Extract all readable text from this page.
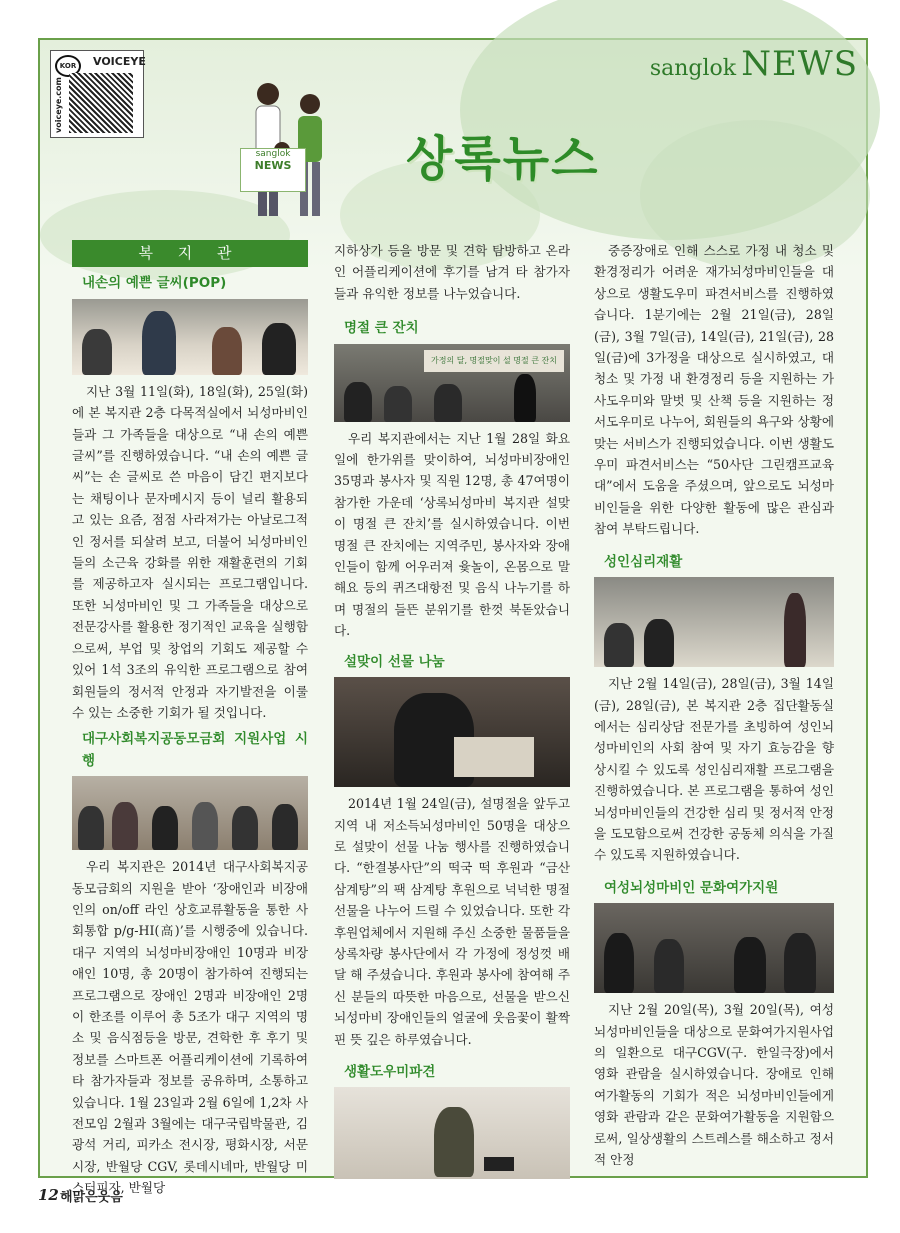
sanglok NEWS
KOR	VOICEYE
voiceye.com
sanglok
NEWS 상록뉴스
복 지 관
내손의 예쁜 글씨(POP)

지난 3월 11일(화), 18일(화), 25일(화)에 본 복지관 2층 다목적실에서 뇌성마비인들과 그 가족들을 대상으로 “내 손의 예쁜 글씨”를 진행하였습니다. “내 손의 예쁜 글씨”는 손 글씨로 쓴 마음이 담긴 편지보다는 채팅이나 문자메시지 등이 널리 활용되고 있는 요즘, 점점 사라져가는 아날로그적인 정서를 되살려 보고, 더불어 뇌성마비인들의 소근육 강화를 위한 재활훈련의 기회를 제공하고자 실시되는 프로그램입니다. 또한 뇌성마비인 및 그 가족들을 대상으로 전문강사를 활용한 정기적인 교육을 실행함으로써, 부업 및 창업의 기회도 제공할 수 있어 1석 3조의 유익한 프로그램으로 참여회원들의 정서적 안정과 자기발전을 이룰 수 있는 소중한 기회가 될 것입니다.

대구사회복지공동모금회 지원사업 시행

우리 복지관은 2014년 대구사회복지공동모금회의 지원을 받아 ‘장애인과 비장애인의 on/off 라인 상호교류활동을 통한 사회통합 p/g-HI(高)’를 시행중에 있습니다. 대구 지역의 뇌성마비장애인 10명과 비장애인 10명, 총 20명이 참가하여 진행되는 프로그램으로 장애인 2명과 비장애인 2명이 한조를 이루어 총 5조가 대구 지역의 명소 및 음식점등을 방문, 견학한 후 후기 및 정보를 스마트폰 어플리케이션에 기록하여 타 참가자들과 정보를 공유하며, 소통하고 있습니다. 1월 23일과 2월 6일에 1,2차 사전모임 2월과 3월에는 대구국립박물관, 김광석 거리, 피카소 전시장, 평화시장, 서문시장, 반월당 CGV, 롯데시네마, 반월당 미스터피자, 반월당

지하상가 등을 방문 및 견학 탐방하고 온라인 어플리케이션에 후기를 남겨 타 참가자들과 유익한 정보를 나누었습니다.

명절 큰 잔치
가정의 달, 명절맞이 설 명절 큰 잔치

우리 복지관에서는 지난 1월 28일 화요일에 한가위를 맞이하여, 뇌성마비장애인 35명과 봉사자 및 직원 12명, 총 47여명이 참가한 가운데 ‘상록뇌성마비 복지관 설맞이 명절 큰 잔치’를 실시하였습니다. 이번 명절 큰 잔치에는 지역주민, 봉사자와 장애인들이 함께 어우러져 윷놀이, 온몸으로 말해요 등의 퀴즈대항전 및 음식 나누기를 하며 명절의 들뜬 분위기를 한껏 북돋았습니다.

설맞이 선물 나눔

2014년 1월 24일(금), 설명절을 앞두고 지역 내 저소득뇌성마비인 50명을 대상으로 설맞이 선물 나눔 행사를 진행하였습니다. “한결봉사단”의 떡국 떡 후원과 “금산삼계탕”의 팩 삼계탕 후원으로 넉넉한 명절선물을 나누어 드릴 수 있었습니다. 또한 각 후원업체에서 지원해 주신 소중한 물품들을 상록차량 봉사단에서 각 가정에 정성껏 배달 해 주셨습니다. 후원과 봉사에 참여해 주신 분들의 따뜻한 마음으로, 선물을 받으신 뇌성마비 장애인들의 얼굴에 웃음꽃이 활짝 핀 뜻 깊은 하루였습니다.

생활도우미파견

중증장애로 인해 스스로 가정 내 청소 및 환경정리가 어려운 재가뇌성마비인들을 대상으로 생활도우미 파견서비스를 진행하였습니다. 1분기에는 2월 21일(금), 28일(금), 3월 7일(금), 14일(금), 21일(금), 28일(금)에 3가정을 대상으로 실시하였고, 대청소 및 가정 내 환경정리 등을 지원하는 가사도우미와 말벗 및 산책 등을 지원하는 정서도우미로 나누어, 회원들의 욕구와 상황에 맞는 서비스가 진행되었습니다. 이번 생활도우미 파견서비스는 “50사단 그린캠프교육대”에서 도움을 주셨으며, 앞으로도 뇌성마비인들을 위한 다양한 활동에 많은 관심과 참여 부탁드립니다.

성인심리재활

지난 2월 14일(금), 28일(금), 3월 14일(금), 28일(금), 본 복지관 2층 집단활동실에서는 심리상담 전문가를 초빙하여 성인뇌성마비인의 사회 참여 및 자기 효능감을 향상시킬 수 있도록 성인심리재활 프로그램을 진행하였습니다. 본 프로그램을 통하여 성인뇌성마비인들의 건강한 심리 및 정서적 안정을 도모함으로써 건강한 공동체 의식을 가질 수 있도록 지원하였습니다.

여성뇌성마비인 문화여가지원

지난 2월 20일(목), 3월 20일(목), 여성뇌성마비인들을 대상으로 문화여가지원사업의 일환으로 대구CGV(구. 한일극장)에서 영화 관람을 실시하였습니다. 장애로 인해 여가활동의 기회가 적은 뇌성마비인들에게 영화 관람과 같은 문화여가활동을 지원함으로써, 일상생활의 스트레스를 해소하고 정서적 안정

12 해맑은웃음
